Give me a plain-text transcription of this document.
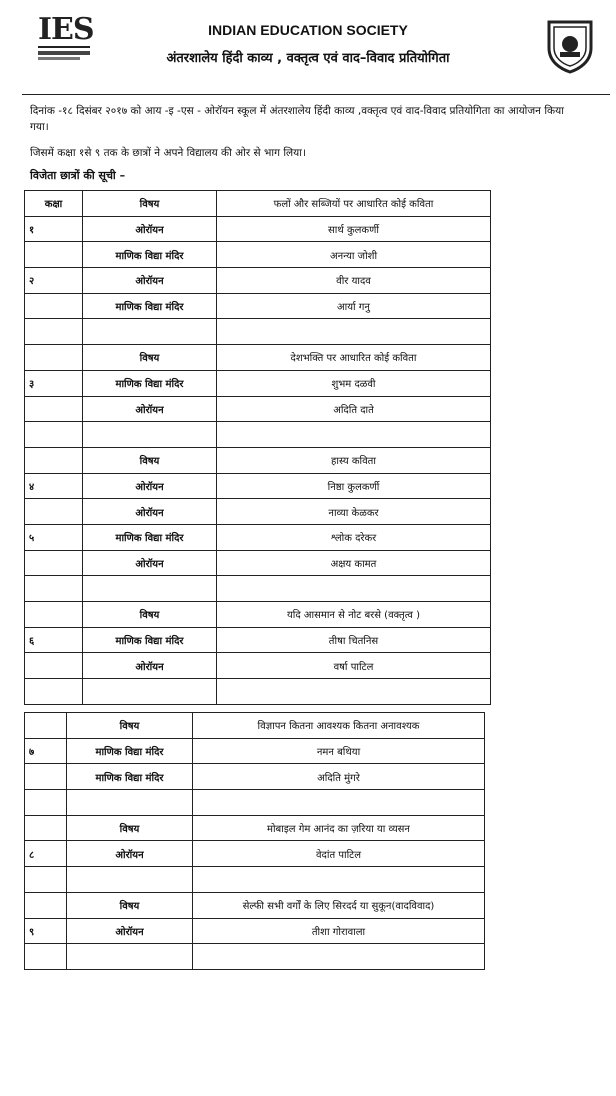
IES	INDIAN EDUCATION SOCIETY
अंतरशालेय हिंदी काव्य , वक्तृत्व एवं वाद–विवाद प्रतियोगिता
दिनांक -१८ दिसंबर २०१७ को आय -इ -एस - ओरॉयन स्कूल में अंतरशालेय हिंदी काव्य ,वक्तृत्व एवं वाद-विवाद प्रतियोगिता का आयोजन किया गया।
जिसमें कक्षा १से ९ तक के छात्रों ने अपने विद्यालय की ओर से भाग लिया।
विजेता छात्रों की सूची –
कक्षा	विषय	फलों और सब्जियों पर आधारित कोई कविता
१	ओरॉयन	सार्थ कुलकर्णी
	माणिक विद्या मंदिर	अनन्या जोशी
२	ओरॉयन	वीर यादव
	माणिक विद्या मंदिर	आर्या गनु

	विषय	देशभक्ति पर आधारित कोई कविता
३	माणिक विद्या मंदिर	शुभम दळवी
	ओरॉयन	अदिति दाते

	विषय	हास्य कविता
४	ओरॉयन	निष्ठा कुलकर्णी
	ओरॉयन	नाव्या केळकर
५	माणिक विद्या मंदिर	श्लोक दरेकर
	ओरॉयन	अक्षय कामत

	विषय	यदि आसमान से नोट बरसे (वक्तृत्व )
६	माणिक विद्या मंदिर	तीषा चितनिस
	ओरॉयन	वर्षा पाटिल

	विषय	विज्ञापन कितना आवश्यक कितना अनावश्यक
७	माणिक विद्या मंदिर	नमन बथिया
	माणिक विद्या मंदिर	अदिति मुंगरे

	विषय	मोबाइल गेम आनंद का ज़रिया या व्यसन
८	ओरॉयन	वेदांत पाटिल

	विषय	सेल्फी सभी वर्गों के लिए सिरदर्द या सुकून(वादविवाद)
९	ओरॉयन	तीशा गोरावाला
